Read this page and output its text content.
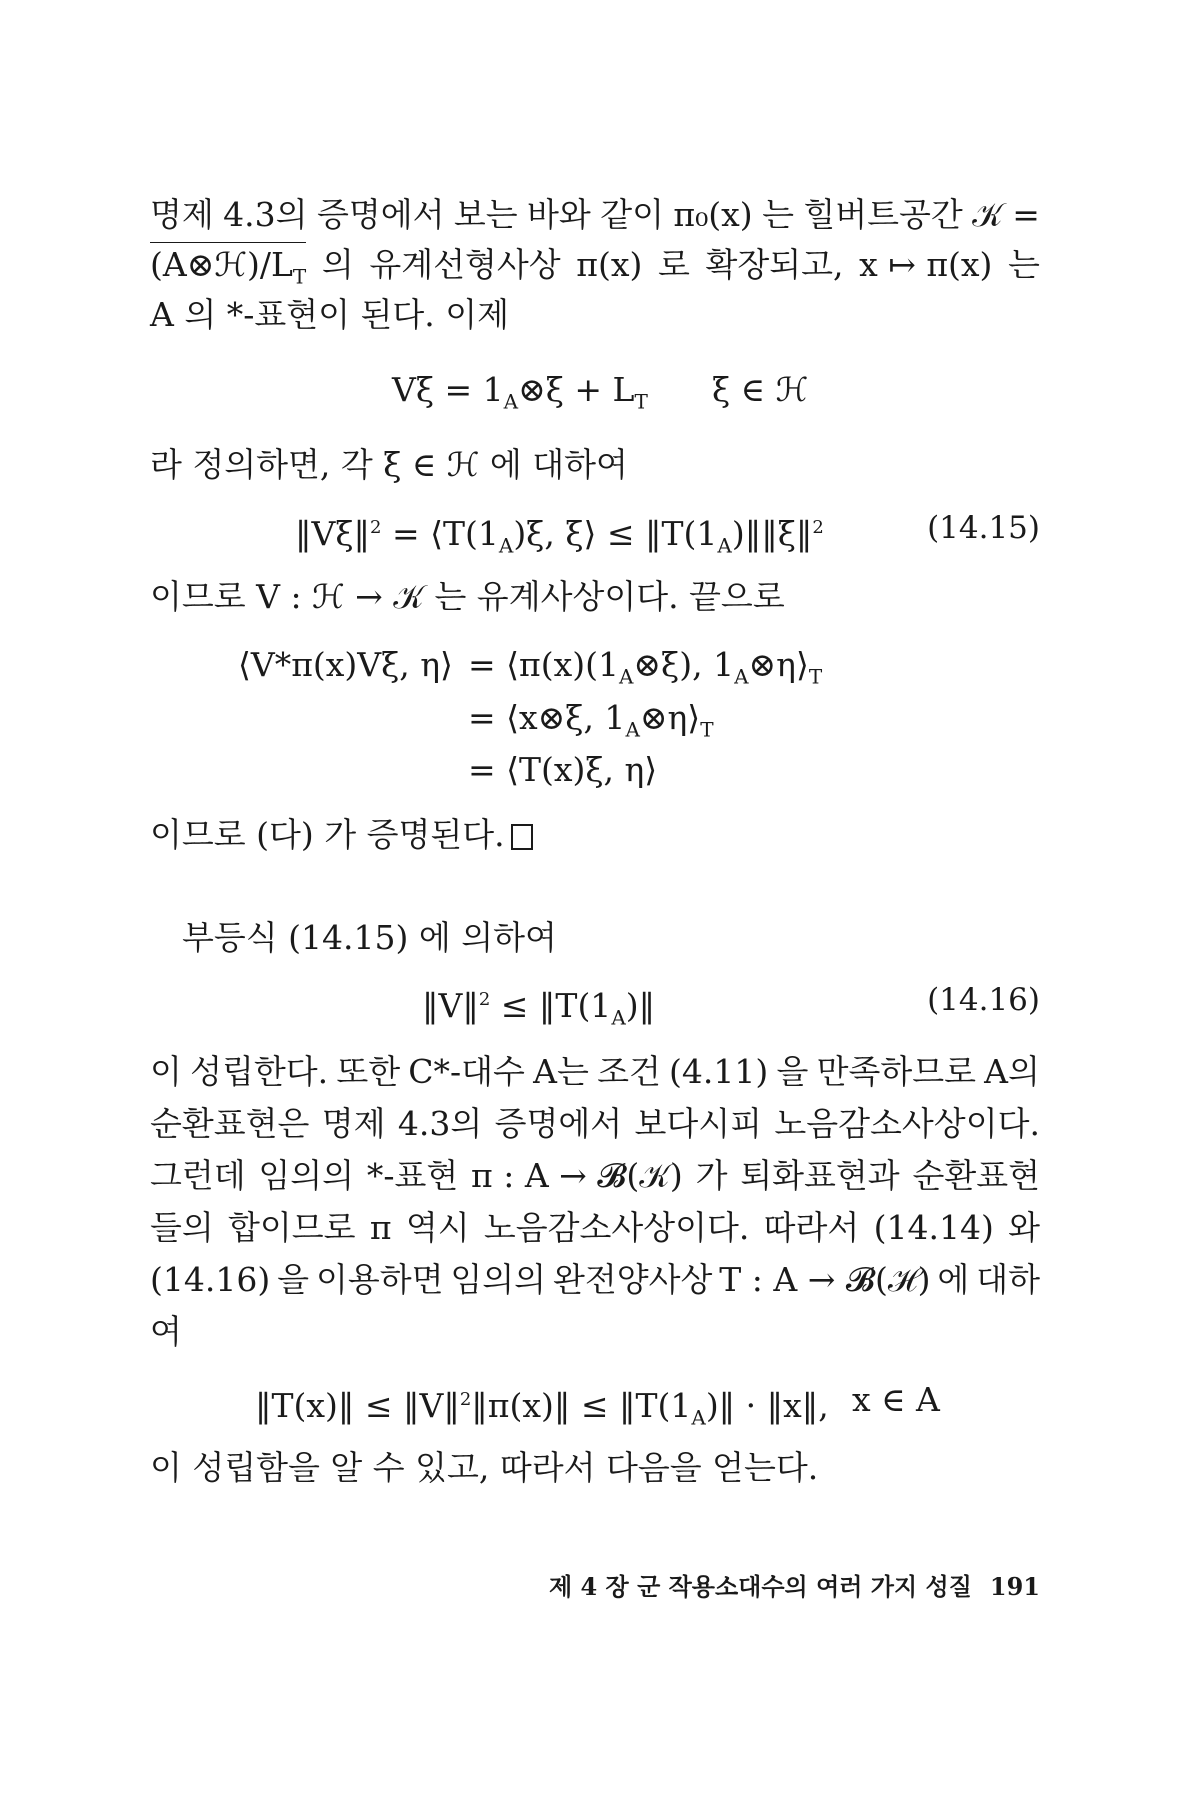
명제 4.3의 증명에서 보는 바와 같이 π₀(x) 는 힐버트공간 𝒦 =
$(A\otimes ℋ)/L_T$ 의 유계선형사상 π(x) 로 확장되고, x ↦ π(x) 는
A 의 *-표현이 된다. 이제
$V\xi = 1_A\otimes\xi + L_T$ ξ ∈ ℋ
라 정의하면, 각 ξ ∈ ℋ 에 대하여
‖Vξ‖$^2$ = $⟨T(1_A)\xi$, ξ⟩ ≤ $‖T(1_A)‖‖\xi‖^2$	(14.15)
이므로 V : ℋ → 𝒦 는 유계사상이다. 끝으로
⟨V*π(x)Vξ, η⟩ = $⟨\pi(x)(1_A\otimes\xi)$, $1_A\otimes\eta⟩_T$
= ⟨x⊗ξ, $1_A\otimes\eta⟩_T$
= ⟨T(x)ξ, η⟩
이므로 (다) 가 증명된다.
부등식 (14.15) 에 의하여
‖V‖$^2$ ≤ $‖T(1_A)‖$	(14.16)
이 성립한다. 또한 C*-대수 A는 조건 (4.11) 을 만족하므로 A의
순환표현은 명제 4.3의 증명에서 보다시피 노음감소사상이다.
그런데 임의의 *-표현 π : A → 𝓑(𝒦) 가 퇴화표현과 순환표현
들의 합이므로 π 역시 노음감소사상이다. 따라서 (14.14) 와
(14.16) 을 이용하면 임의의 완전양사상 T : A → 𝓑(ℋ) 에 대하
여
‖T(x)‖ ≤ ‖V‖$^2$‖π(x)‖ ≤ $‖T(1_A)‖$ · ‖x‖, x ∈ A
이 성립함을 알 수 있고, 따라서 다음을 얻는다.
제 4 장 군 작용소대수의 여러 가지 성질 191
